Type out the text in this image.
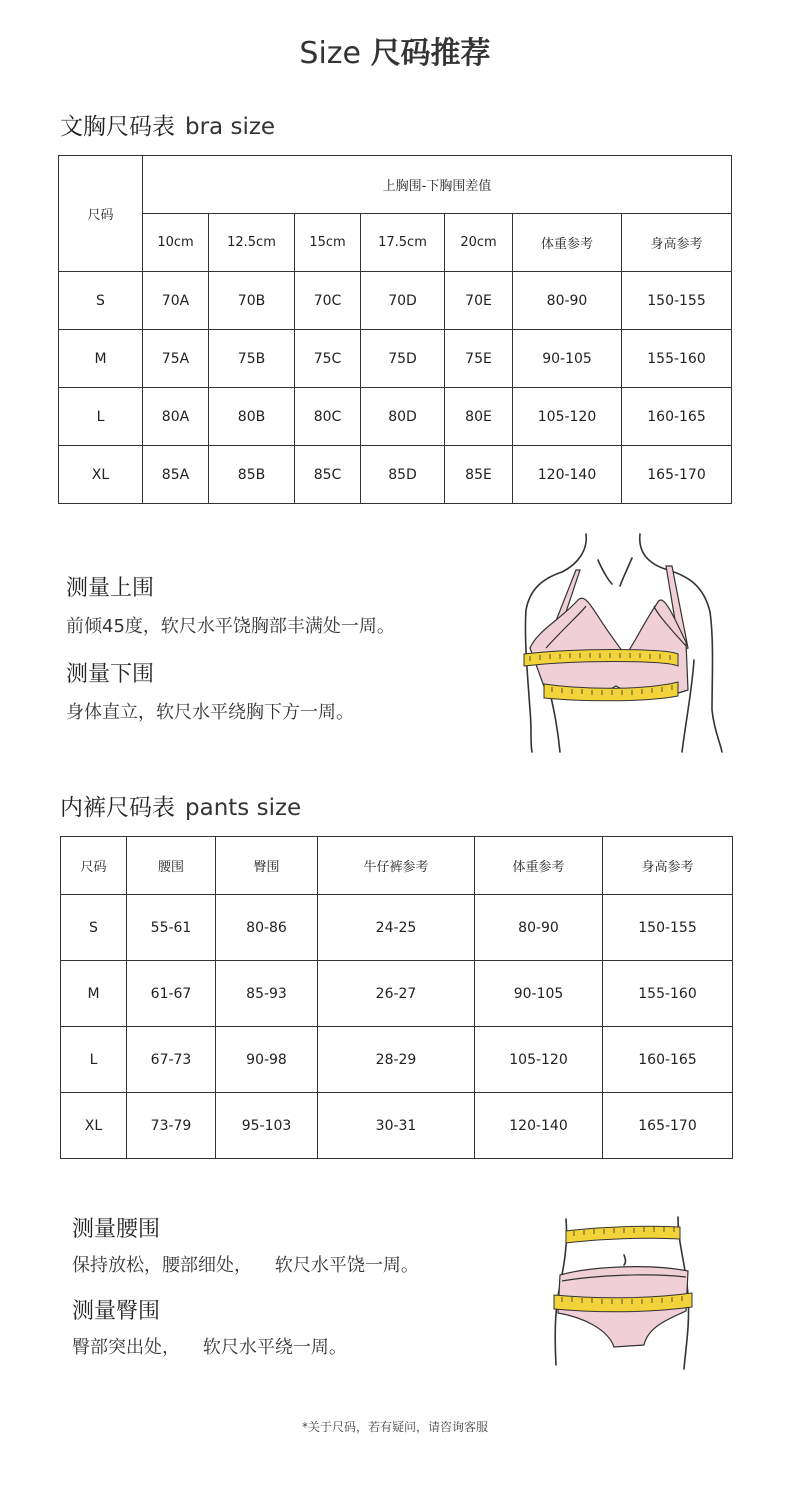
Size 尺码推荐
文胸尺码表 bra size
尺码	上胸围-下胸围差值						
	10cm	12.5cm	15cm	17.5cm	20cm	体重参考	身高参考
S	70A	70B	70C	70D	70E	80-90	150-155
M	75A	75B	75C	75D	75E	90-105	155-160
L	80A	80B	80C	80D	80E	105-120	160-165
XL	85A	85B	85C	85D	85E	120-140	165-170
测量上围
前倾45度，软尺水平饶胸部丰满处一周。
测量下围
身体直立，软尺水平绕胸下方一周。
内裤尺码表 pants size
尺码	腰围	臀围	牛仔裤参考	体重参考	身高参考
S	55-61	80-86	24-25	80-90	150-155
M	61-67	85-93	26-27	90-105	155-160
L	67-73	90-98	28-29	105-120	160-165
XL	73-79	95-103	30-31	120-140	165-170
测量腰围
保持放松，腰部细处，    软尺水平饶一周。
测量臀围
臀部突出处，    软尺水平绕一周。
*关于尺码，若有疑问，请咨询客服
